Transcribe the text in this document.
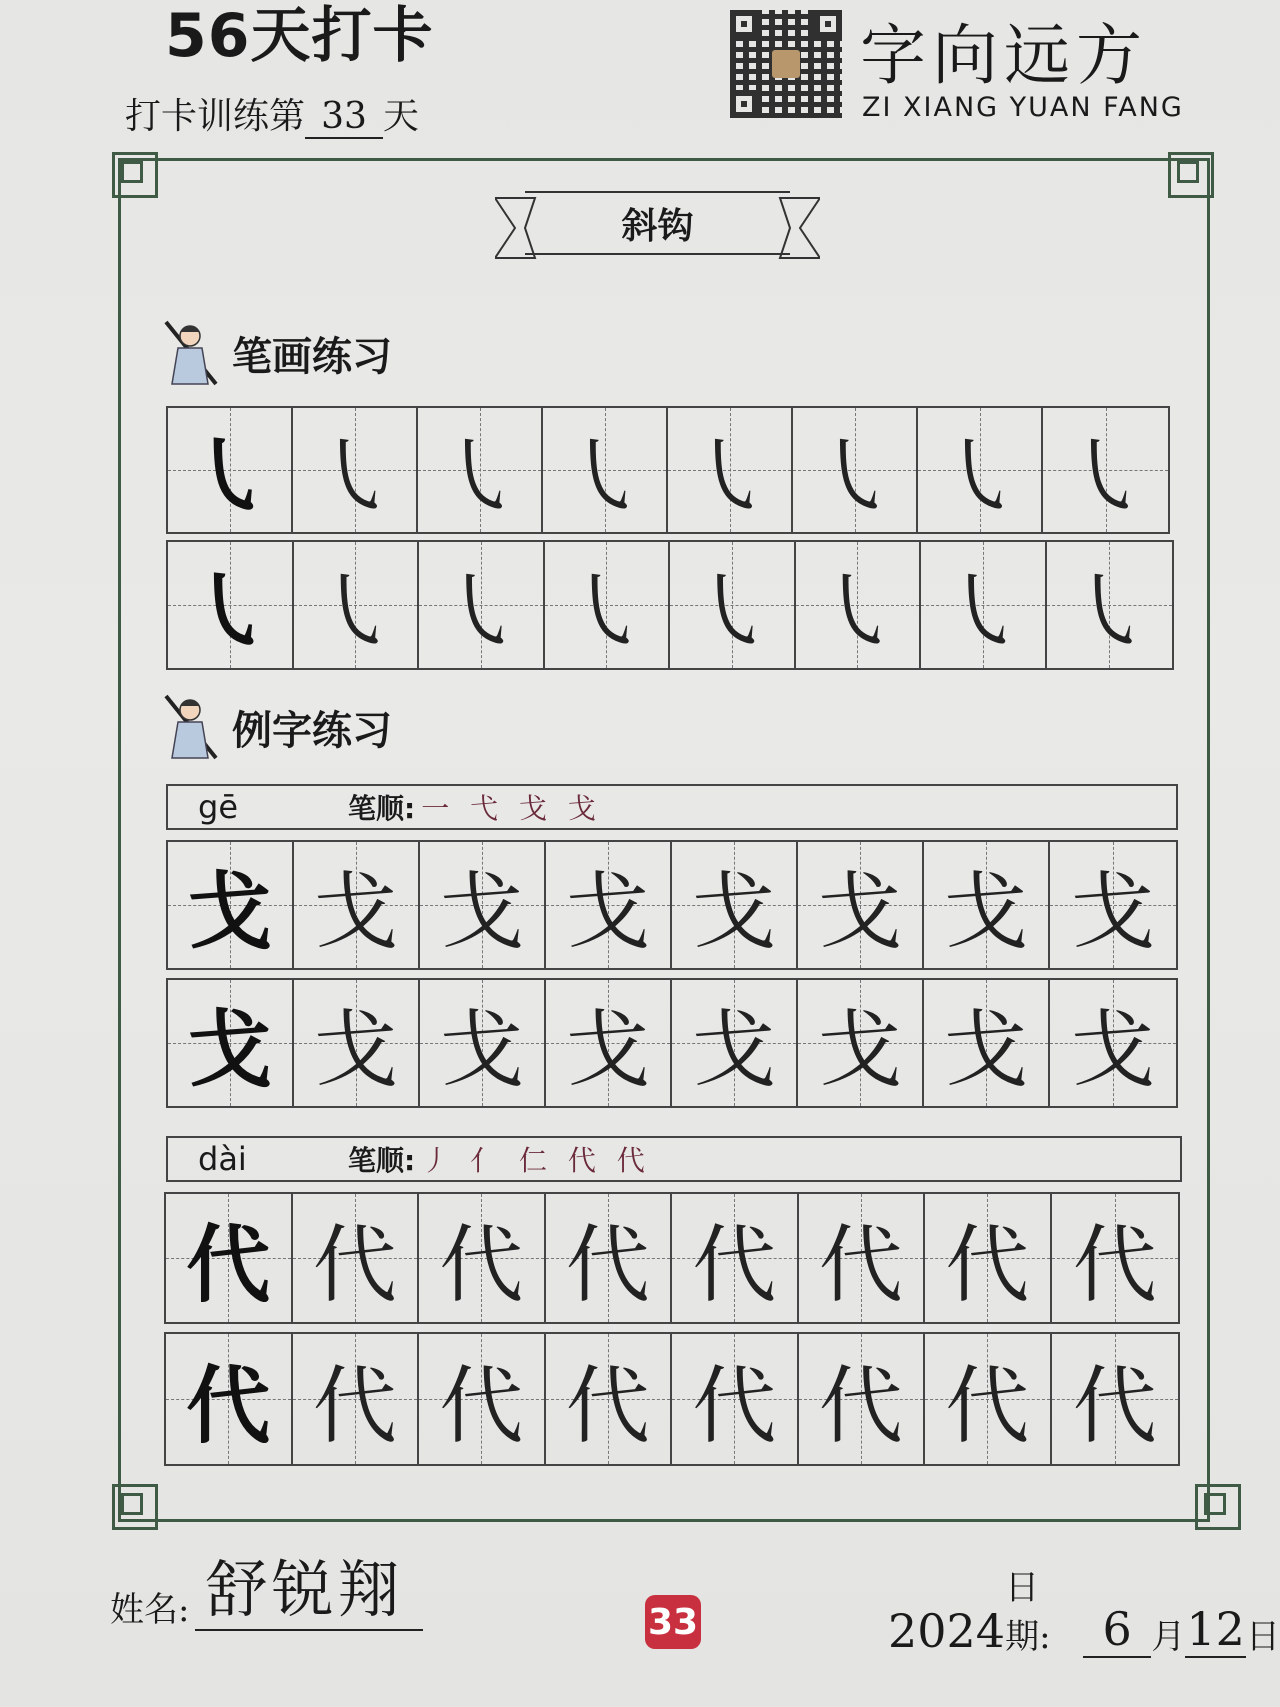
56天打卡
打卡训练第 33 天
字向远方
ZI XIANG YUAN FANG
斜钩
笔画练习
㇂ ㇂ ㇂ ㇂ ㇂ ㇂ ㇂ ㇂
㇂ ㇂ ㇂ ㇂ ㇂ ㇂ ㇂ ㇂
例字练习
gē	笔顺: 一 弋 戈 戈
戈 戈 戈 戈 戈 戈 戈 戈
戈 戈 戈 戈 戈 戈 戈 戈
dài	笔顺: 丿 亻 仁 代 代
代 代 代 代 代 代 代 代
代 代 代 代 代 代 代 代
姓名: 舒锐翔	33	2024
日期:	6 月 12 日
